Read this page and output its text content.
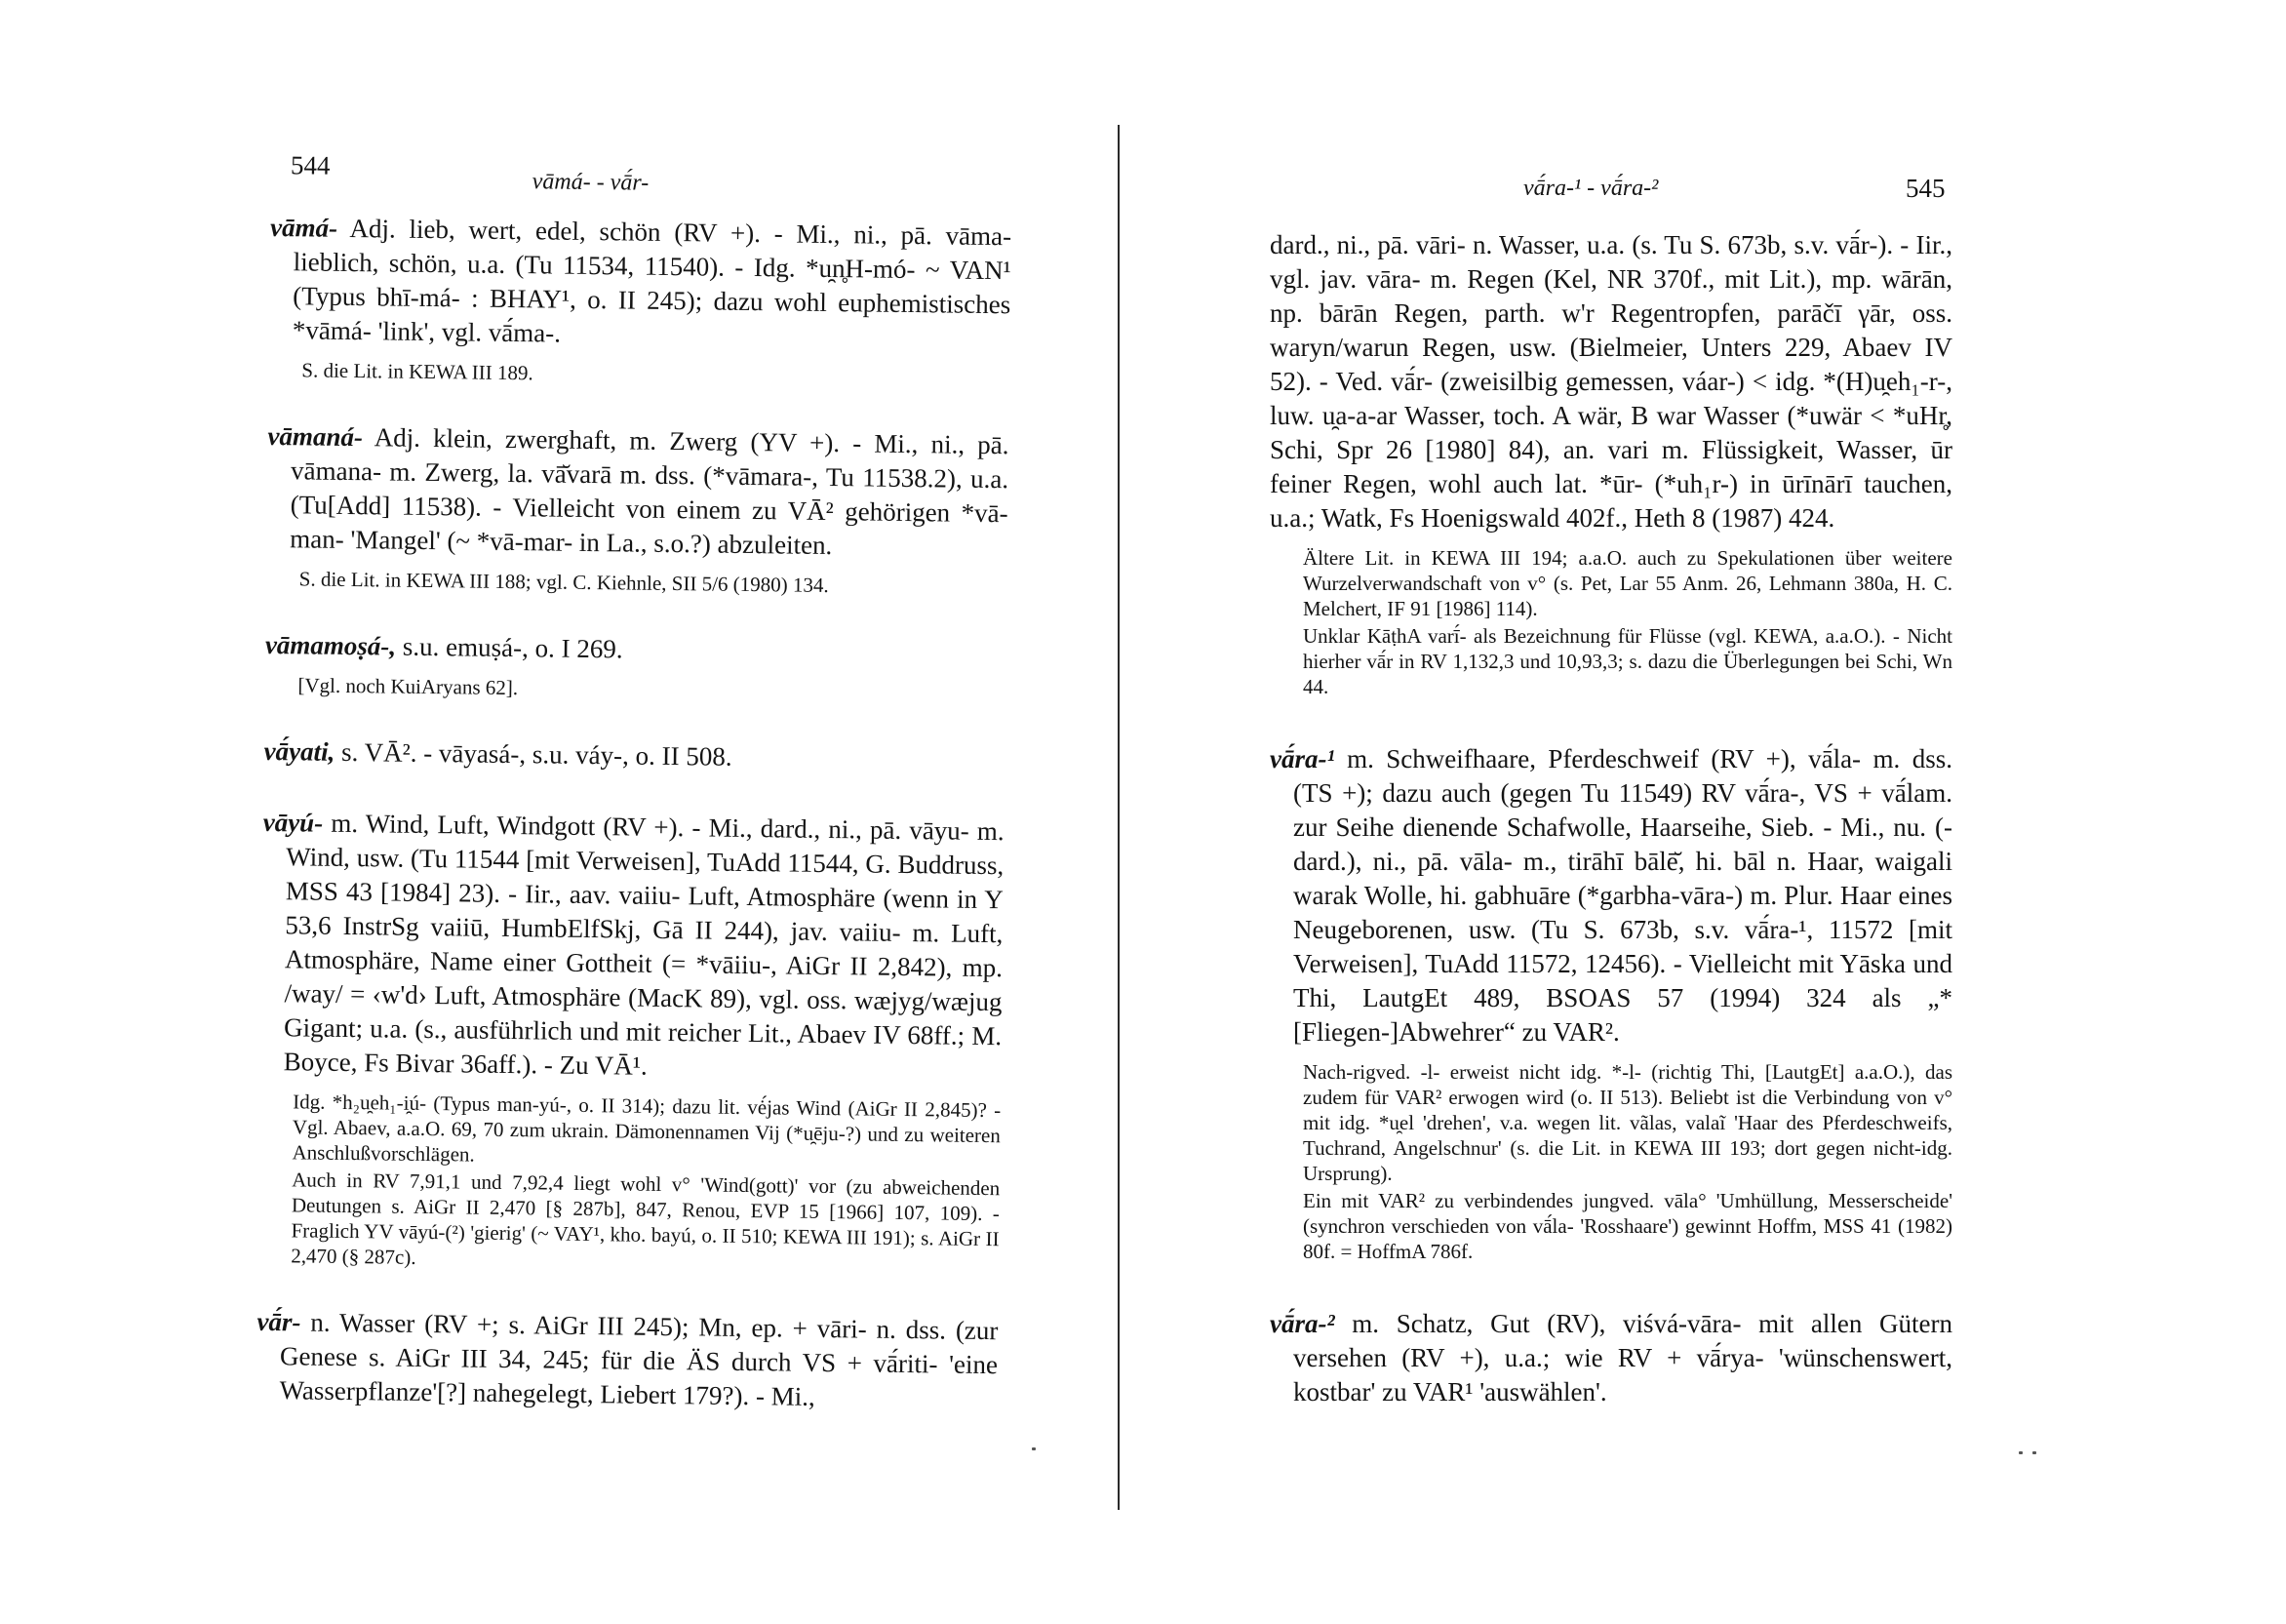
544
vāmá- - vā́r-

vāmá- Adj. lieb, wert, edel, schön (RV +). - Mi., ni., pā. vāma- lieblich, schön, u.a. (Tu 11534, 11540). - Idg. *u̯n̥H-mó- ~ VAN¹ (Typus bhī-má- : BHAY¹, o. II 245); dazu wohl euphemistisches *vāmá- 'link', vgl. vā́ma-.

S. die Lit. in KEWA III 189.

vāmaná- Adj. klein, zwerghaft, m. Zwerg (YV +). - Mi., ni., pā. vāmana- m. Zwerg, la. vā̆varā m. dss. (*vāmara-, Tu 11538.2), u.a. (Tu[Add] 11538). - Vielleicht von einem zu VĀ² gehörigen *vā-man- 'Mangel' (~ *vā-mar- in La., s.o.?) abzuleiten.

S. die Lit. in KEWA III 188; vgl. C. Kiehnle, SII 5/6 (1980) 134.

vāmamoṣá-, s.u. emuṣá-, o. I 269.

[Vgl. noch KuiAryans 62].

vā́yati, s. VĀ². - vāyasá-, s.u. váy-, o. II 508.

vāyú- m. Wind, Luft, Windgott (RV +). - Mi., dard., ni., pā. vāyu- m. Wind, usw. (Tu 11544 [mit Verweisen], TuAdd 11544, G. Buddruss, MSS 43 [1984] 23). - Iir., aav. vaiiu- Luft, Atmosphäre (wenn in Y 53,6 InstrSg vaiiū, HumbElfSkj, Gā II 244), jav. vaiiu- m. Luft, Atmosphäre, Name einer Gottheit (= *vāiiu-, AiGr II 2,842), mp. /way/ = ‹w'd› Luft, Atmosphäre (MacK 89), vgl. oss. wæjyg/wæjug Gigant; u.a. (s., ausführlich und mit reicher Lit., Abaev IV 68ff.; M. Boyce, Fs Bivar 36aff.). - Zu VĀ¹.

Idg. *h₂u̯eh₁-i̯ú- (Typus man-yú-, o. II 314); dazu lit. vė́jas Wind (AiGr II 2,845)? - Vgl. Abaev, a.a.O. 69, 70 zum ukrain. Dämonennamen Vij (*u̯ēju-?) und zu weiteren Anschlußvorschlägen.

Auch in RV 7,91,1 und 7,92,4 liegt wohl v° 'Wind(gott)' vor (zu abweichenden Deutungen s. AiGr II 2,470 [§ 287b], 847, Renou, EVP 15 [1966] 107, 109). - Fraglich YV vāyú-(²) 'gierig' (~ VAY¹, kho. bayú, o. II 510; KEWA III 191); s. AiGr II 2,470 (§ 287c).

vā́r- n. Wasser (RV +; s. AiGr III 245); Mn, ep. + vāri- n. dss. (zur Genese s. AiGr III 34, 245; für die ÄS durch VS + vā́riti- 'eine Wasserpflanze'[?] nahegelegt, Liebert 179?). - Mi.,

vā́ra-¹ - vā́ra-²	545

dard., ni., pā. vāri- n. Wasser, u.a. (s. Tu S. 673b, s.v. vā́r-). - Iir., vgl. jav. vāra- m. Regen (Kel, NR 370f., mit Lit.), mp. wārān, np. bārān Regen, parth. w'r Regentropfen, parāčī γār, oss. waryn/warun Regen, usw. (Bielmeier, Unters 229, Abaev IV 52). - Ved. vā́r- (zweisilbig gemessen, váar-) < idg. *(H)u̯eh₁-r-, luw. u̯a-a-ar Wasser, toch. A wär, B war Wasser (*uwär < *uHr̥, Schi, Spr 26 [1980] 84), an. vari m. Flüssigkeit, Wasser, ūr feiner Regen, wohl auch lat. *ūr- (*uh₁r-) in ūrīnārī tauchen, u.a.; Watk, Fs Hoenigswald 402f., Heth 8 (1987) 424.

Ältere Lit. in KEWA III 194; a.a.O. auch zu Spekulationen über weitere Wurzelverwandschaft von v° (s. Pet, Lar 55 Anm. 26, Lehmann 380a, H. C. Melchert, IF 91 [1986] 114).

Unklar KāṭhA varī́- als Bezeichnung für Flüsse (vgl. KEWA, a.a.O.). - Nicht hierher vā́r in RV 1,132,3 und 10,93,3; s. dazu die Überlegungen bei Schi, Wn 44.

vā́ra-¹ m. Schweifhaare, Pferdeschweif (RV +), vā́la- m. dss. (TS +); dazu auch (gegen Tu 11549) RV vā́ra-, VS + vā́lam. zur Seihe dienende Schafwolle, Haarseihe, Sieb. - Mi., nu. (-dard.), ni., pā. vāla- m., tirāhī bālē̆, hi. bāl n. Haar, waigali warak Wolle, hi. gabhuāre (*garbha-vāra-) m. Plur. Haar eines Neugeborenen, usw. (Tu S. 673b, s.v. vā́ra-¹, 11572 [mit Verweisen], TuAdd 11572, 12456). - Vielleicht mit Yāska und Thi, LautgEt 489, BSOAS 57 (1994) 324 als „*[Fliegen-]Abwehrer“ zu VAR².

Nach-rigved. -l- erweist nicht idg. *-l- (richtig Thi, [LautgEt] a.a.O.), das zudem für VAR² erwogen wird (o. II 513). Beliebt ist die Verbindung von v° mit idg. *u̯el 'drehen', v.a. wegen lit. vãlas, valaĩ 'Haar des Pferdeschweifs, Tuchrand, Angelschnur' (s. die Lit. in KEWA III 193; dort gegen nicht-idg. Ursprung).

Ein mit VAR² zu verbindendes jungved. vāla° 'Umhüllung, Messerscheide' (synchron verschieden von vā́la- 'Rosshaare') gewinnt Hoffm, MSS 41 (1982) 80f. = HoffmA 786f.

vā́ra-² m. Schatz, Gut (RV), viśvá-vāra- mit allen Gütern versehen (RV +), u.a.; wie RV + vā́rya- 'wünschenswert, kostbar' zu VAR¹ 'auswählen'.
